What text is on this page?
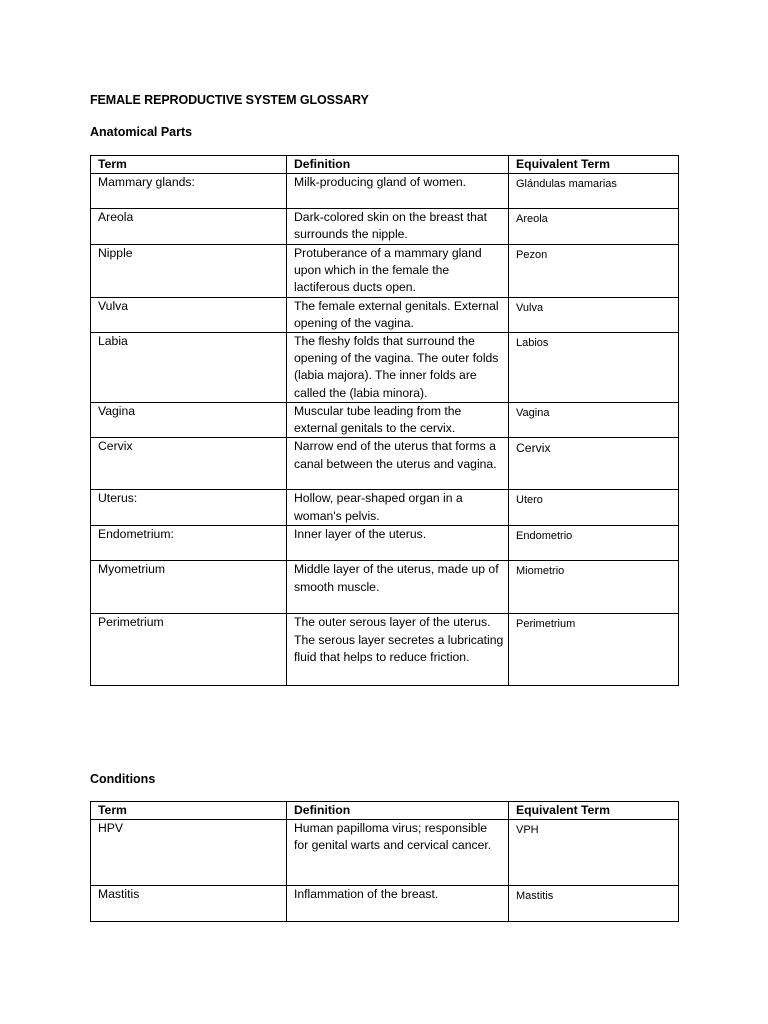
FEMALE REPRODUCTIVE SYSTEM GLOSSARY
Anatomical Parts
Term	Definition	Equivalent Term
Mammary glands:	Milk-producing gland of women.	Glándulas mamarias
Areola	Dark-colored skin on the breast that surrounds the nipple.	Areola
Nipple	Protuberance of a mammary gland upon which in the female the lactiferous ducts open.	Pezon
Vulva	The female external genitals. External opening of the vagina.	Vulva
Labia	The fleshy folds that surround the opening of the vagina. The outer folds (labia majora). The inner folds are called the (labia minora).	Labios
Vagina	Muscular tube leading from the external genitals to the cervix.	Vagina
Cervix	Narrow end of the uterus that forms a canal between the uterus and vagina.	Cervix
Uterus:	Hollow, pear-shaped organ in a woman's pelvis.	Utero
Endometrium:	Inner layer of the uterus.	Endometrio
Myometrium	Middle layer of the uterus, made up of smooth muscle.	Miometrio
Perimetrium	The outer serous layer of the uterus. The serous layer secretes a lubricating fluid that helps to reduce friction.	Perimetrium
Conditions
Term	Definition	Equivalent Term
HPV	Human papilloma virus; responsible for genital warts and cervical cancer.	VPH
Mastitis	Inflammation of the breast.	Mastitis
